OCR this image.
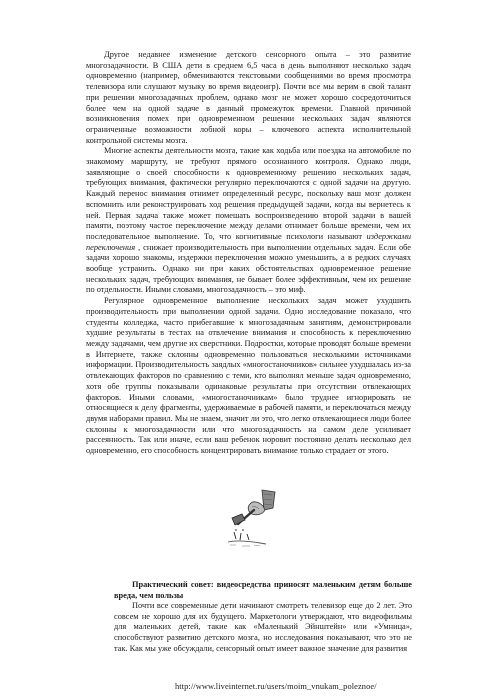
Другое недавнее изменение детского сенсорного опыта – это развитие многозадачности. В США дети в среднем 6,5 часа в день выполняют несколько задач одновременно (например, обмениваются текстовыми сообщениями во время просмотра телевизора или слушают музыку во время видеоигр). Почти все мы верим в свой талант при решении многозадачных проблем, однако мозг не может хорошо сосредоточиться более чем на одной задаче в данный промежуток времени. Главной причиной возникновения помех при одновременном решении нескольких задач являются ограниченные возможности лобной коры – ключевого аспекта исполнительной контрольной системы мозга.

Многие аспекты деятельности мозга, такие как ходьба или поездка на автомобиле по знакомому маршруту, не требуют прямого осознанного контроля. Однако люди, заявляющие о своей способности к одновременному решению нескольких задач, требующих внимания, фактически регулярно переключаются с одной задачи на другую. Каждый перенос внимания отнимет определенный ресурс, поскольку ваш мозг должен вспомнить или реконструировать ход решения предыдущей задачи, когда вы вернетесь к ней. Первая задача также может помешать воспроизведению второй задачи в вашей памяти, поэтому частое переключение между делами отнимает больше времени, чем их последовательное выполнение. То, что когнитивные психологи называют издержками переключения , снижает производительность при выполнении отдельных задач. Если обе задачи хорошо знакомы, издержки переключения можно уменьшить, а в редких случаях вообще устранить. Однако ни при каких обстоятельствах одновременное решение нескольких задач, требующих внимания, не бывает более эффективным, чем их решение по отдельности. Иными словами, многозадачность – это миф.

Регулярное одновременное выполнение нескольких задач может ухудшить производительность при выполнении одной задачи. Одно исследование показало, что студенты колледжа, часто прибегавшие к многозадачным занятиям, демонстрировали худшие результаты в тестах на отвлечение внимания и способность к переключению между задачами, чем другие их сверстники. Подростки, которые проводят больше времени в Интернете, также склонны одновременно пользоваться несколькими источниками информации. Производительность заядлых «многостаночников» сильнее ухудшалась из-за отвлекающих факторов по сравнению с теми, кто выполнял меньше задач одновременно, хотя обе группы показывали одинаковые результаты при отсутствии отвлекающих факторов. Иными словами, «многостаночникам» было труднее игнорировать не относящиеся к делу фрагменты, удерживаемые в рабочей памяти, и переключаться между двумя наборами правил. Мы не знаем, значит ли это, что легко отвлекающиеся люди более склонны к многозадачности или что многозадачность на самом деле усиливает рассеянность. Так или иначе, если ваш ребенок норовит постоянно делать несколько дел одновременно, его способность концентрировать внимание только страдает от этого.

Практический совет: видеосредства приносят маленьким детям больше вреда, чем пользы

Почти все современные дети начинают смотреть телевизор еще до 2 лет. Это совсем не хорошо для их будущего. Маркетологи утверждают, что видеофильмы для маленьких детей, такие как «Маленький Эйнштейн» или «Умница», способствуют развитию детского мозга, но исследования показывают, что это не так. Как мы уже обсуждали, сенсорный опыт имеет важное значение для развития

http://www.liveinternet.ru/users/moim_vnukam_poleznoe/
